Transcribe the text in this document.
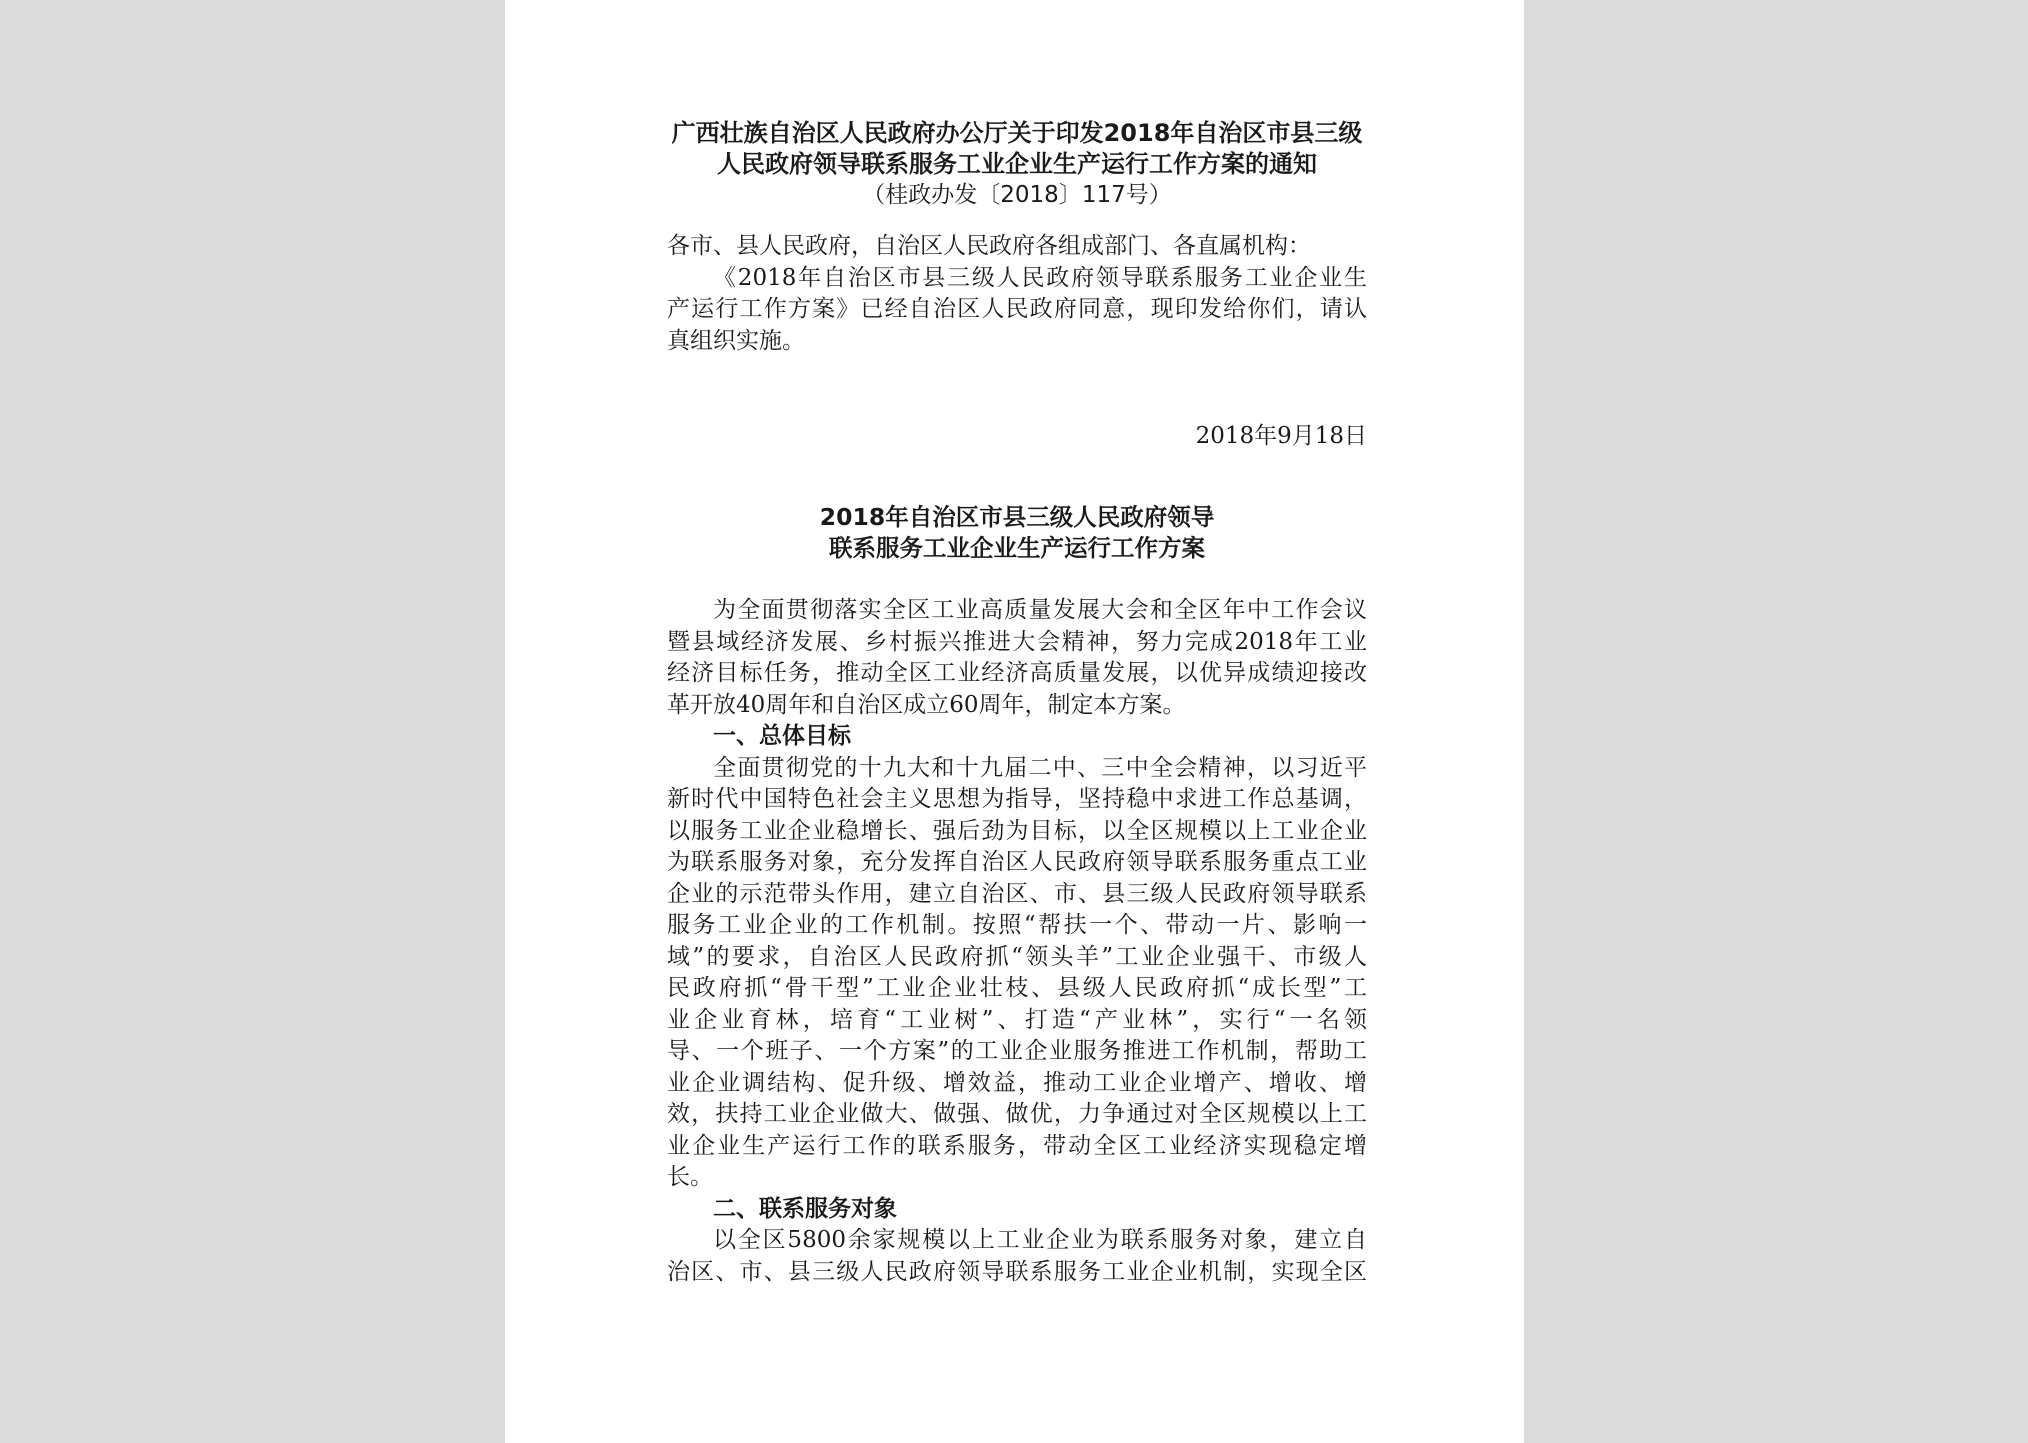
广西壮族自治区人民政府办公厅关于印发2018年自治区市县三级
人民政府领导联系服务工业企业生产运行工作方案的通知
（桂政办发〔2018〕117号）
各市、县人民政府，自治区人民政府各组成部门、各直属机构：
《2018年自治区市县三级人民政府领导联系服务工业企业生
产运行工作方案》已经自治区人民政府同意，现印发给你们，请认
真组织实施。
2018年9月18日
2018年自治区市县三级人民政府领导
联系服务工业企业生产运行工作方案
为全面贯彻落实全区工业高质量发展大会和全区年中工作会议
暨县域经济发展、乡村振兴推进大会精神，努力完成2018年工业
经济目标任务，推动全区工业经济高质量发展，以优异成绩迎接改
革开放40周年和自治区成立60周年，制定本方案。
一、总体目标
全面贯彻党的十九大和十九届二中、三中全会精神，以习近平
新时代中国特色社会主义思想为指导，坚持稳中求进工作总基调，
以服务工业企业稳增长、强后劲为目标，以全区规模以上工业企业
为联系服务对象，充分发挥自治区人民政府领导联系服务重点工业
企业的示范带头作用，建立自治区、市、县三级人民政府领导联系
服务工业企业的工作机制。按照“帮扶一个、带动一片、影响一
域”的要求，自治区人民政府抓“领头羊”工业企业强干、市级人
民政府抓“骨干型”工业企业壮枝、县级人民政府抓“成长型”工
业企业育林，培育“工业树”、打造“产业林”，实行“一名领
导、一个班子、一个方案”的工业企业服务推进工作机制，帮助工
业企业调结构、促升级、增效益，推动工业企业增产、增收、增
效，扶持工业企业做大、做强、做优，力争通过对全区规模以上工
业企业生产运行工作的联系服务，带动全区工业经济实现稳定增
长。
二、联系服务对象
以全区5800余家规模以上工业企业为联系服务对象，建立自
治区、市、县三级人民政府领导联系服务工业企业机制，实现全区
